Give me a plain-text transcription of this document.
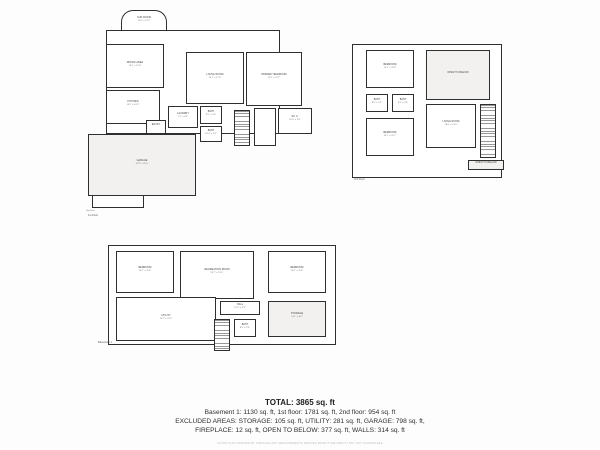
SUN ROOM
17'0" x 12'3"
DINING AREA
16'1" x 13'4"
LIVING ROOM
16'7" x 17'0"
PRIMARY BEDROOM
17'0" x 15'7"
KITCHEN
16'1" x 10'9"
LAUNDRY
7'1" x 6'3"
BATH
8'2" x 5'0"
BATH
10'4" x 5'4"
W.I.C.
10'0" x 5'8"
ENTRY
GARAGE
37'8" x 20'0"
Top Deck
1st Floor
BEDROOM
14'1" x 11'8"
OPEN TO BELOW
BATH
8'0" x 5'0"
BATH
8'4" x 5'0"
BEDROOM
16'1" x 11'7"
LIVING ROOM
18'4" x 13'0"
OPEN TO BELOW
2nd Floor
BEDROOM
14'1" x 11'8"	RECREATION ROOM
20'7" x 15'4"
BEDROOM
13'2" x 11'8"
UTILITY
20'1" x 11'0"
HALL
14'0" x 4'3"
BATH
8'4" x 5'0"
STORAGE
14'1" x 8'0"
Basement 1

TOTAL: 3865 sq. ft

Basement 1: 1130 sq. ft, 1st floor: 1781 sq. ft, 2nd floor: 954 sq. ft

EXCLUDED AREAS: STORAGE: 105 sq. ft, UTILITY: 281 sq. ft, GARAGE: 798 sq. ft,

FIREPLACE: 12 sq. ft, OPEN TO BELOW: 377 sq. ft, WALLS: 314 sq. ft

FLOOR PLAN CREATED BY CUBICASA APP. MEASUREMENTS DERIVED FROM IT RELIABILITY BUT NOT GUARANTEED
